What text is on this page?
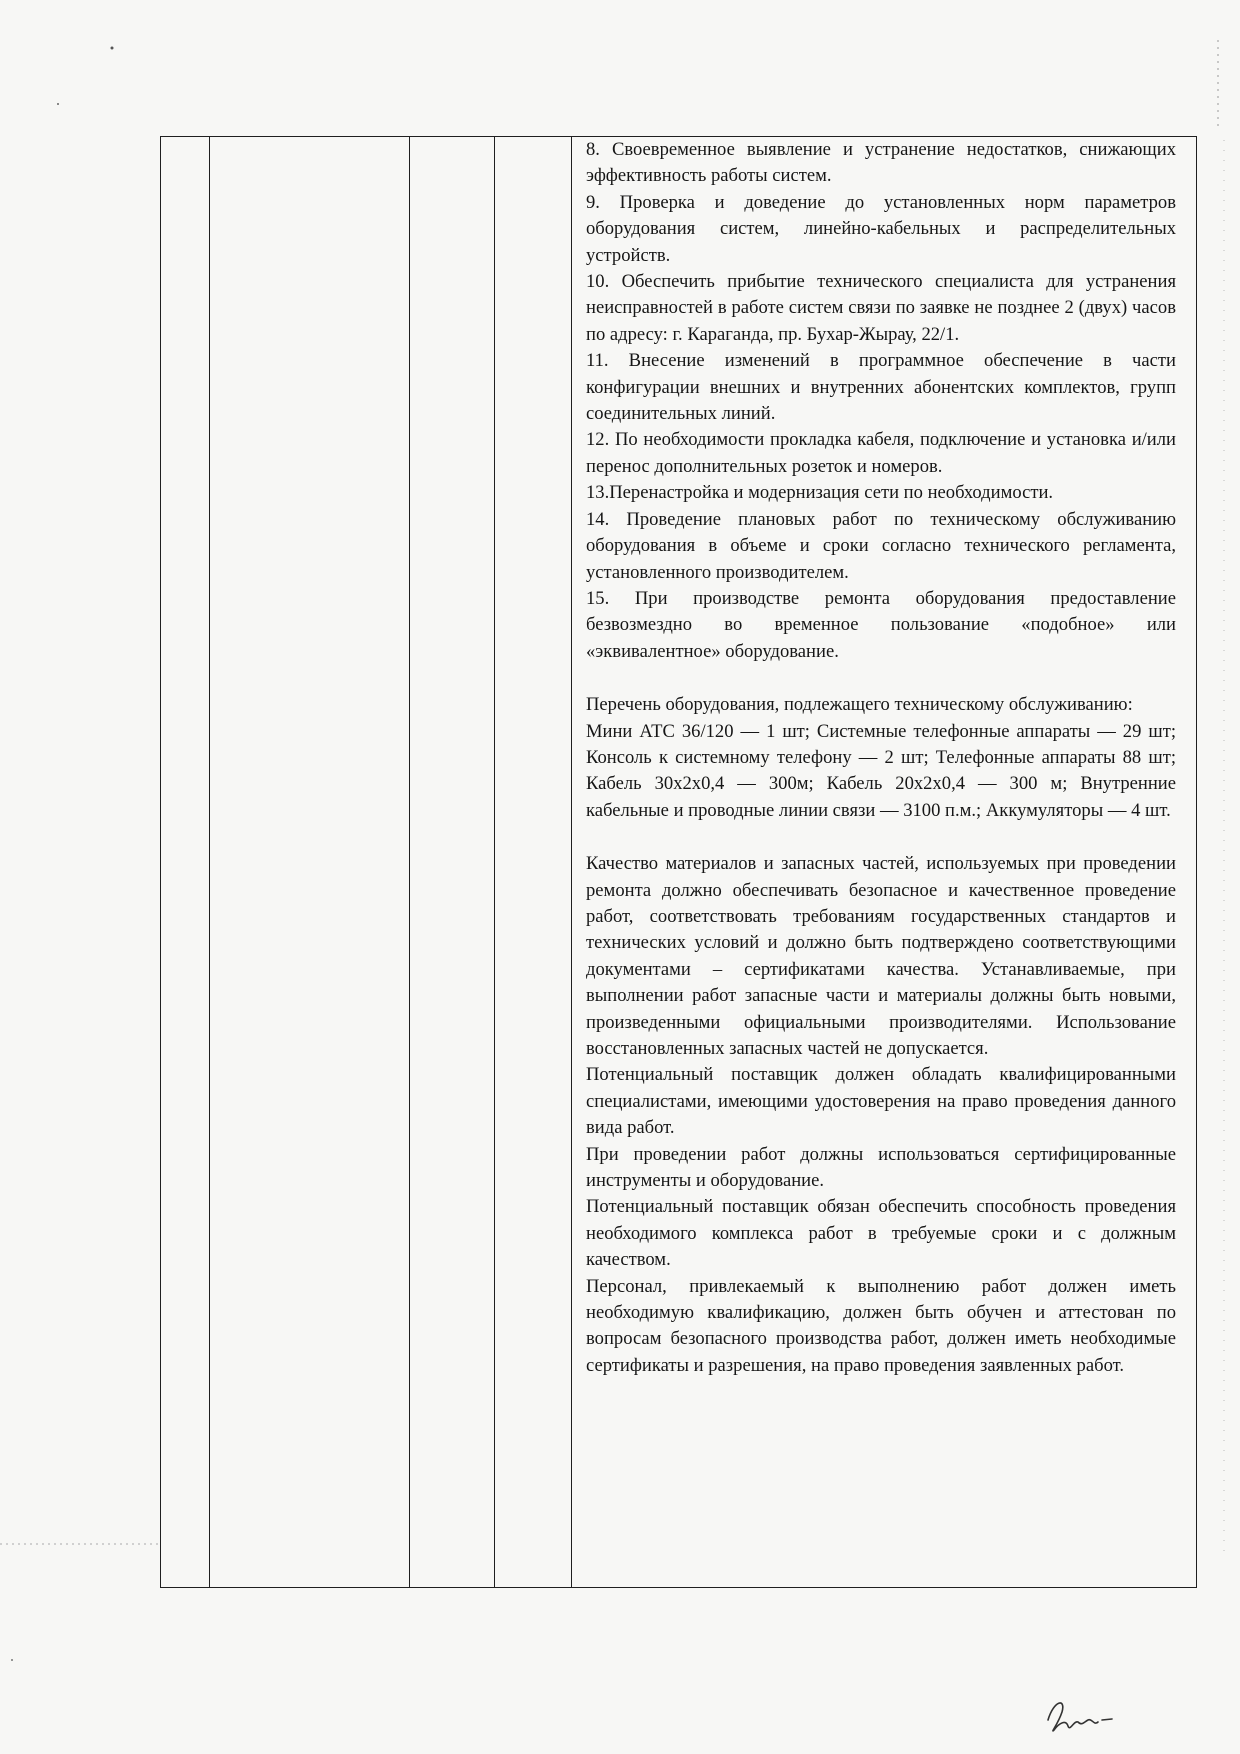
8. Своевременное выявление и устранение недостатков, снижающих эффективность работы систем.

9. Проверка и доведение до установленных норм параметров оборудования систем, линейно-кабельных и распределительных устройств.

10. Обеспечить прибытие технического специалиста для устранения неисправностей в работе систем связи по заявке не позднее 2 (двух) часов по адресу: г. Караганда, пр. Бухар-Жырау, 22/1.

11. Внесение изменений в программное обеспечение в части конфигурации внешних и внутренних абонентских комплектов, групп соединительных линий.

12. По необходимости прокладка кабеля, подключение и установка и/или перенос дополнительных розеток и номеров.

13.Перенастройка и модернизация сети по необходимости.

14. Проведение плановых работ по техническому обслуживанию оборудования в объеме и сроки согласно технического регламента, установленного производителем.

15. При производстве ремонта оборудования предоставление безвозмездно во временное пользование «подобное» или «эквивалентное» оборудование.

Перечень оборудования, подлежащего техническому обслуживанию:

Мини АТС 36/120 — 1 шт; Системные телефонные аппараты — 29 шт; Консоль к системному телефону — 2 шт; Телефонные аппараты 88 шт; Кабель 30х2х0,4 — 300м; Кабель 20х2х0,4 — 300 м; Внутренние кабельные и проводные линии связи — 3100 п.м.; Аккумуляторы — 4 шт.

Качество материалов и запасных частей, используемых при проведении ремонта должно обеспечивать безопасное и качественное проведение работ, соответствовать требованиям государственных стандартов и технических условий и должно быть подтверждено соответствующими документами – сертификатами качества. Устанавливаемые, при выполнении работ запасные части и материалы должны быть новыми, произведенными официальными производителями. Использование восстановленных запасных частей не допускается.

Потенциальный поставщик должен обладать квалифицированными специалистами, имеющими удостоверения на право проведения данного вида работ.

При проведении работ должны использоваться сертифицированные инструменты и оборудование.

Потенциальный поставщик обязан обеспечить способность проведения необходимого комплекса работ в требуемые сроки и с должным качеством.

Персонал, привлекаемый к выполнению работ должен иметь необходимую квалификацию, должен быть обучен и аттестован по вопросам безопасного производства работ, должен иметь необходимые сертификаты и разрешения, на право проведения заявленных работ.
